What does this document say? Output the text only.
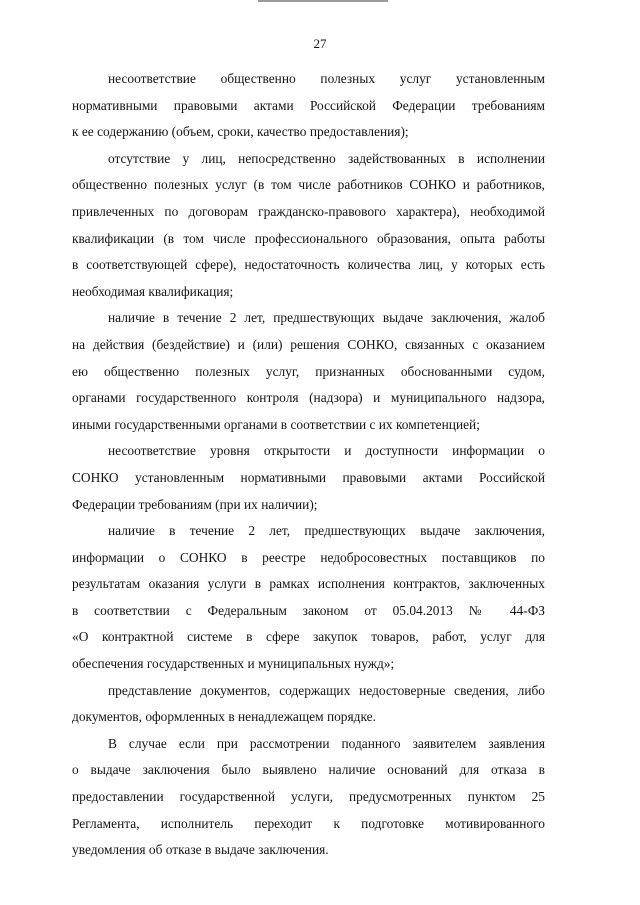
27

несоответствие общественно полезных услуг установленным
нормативными правовыми актами Российской Федерации требованиям
к ее содержанию (объем, сроки, качество предоставления);

отсутствие у лиц, непосредственно задействованных в исполнении
общественно полезных услуг (в том числе работников СОНКО и работников,
привлеченных по договорам гражданско-правового характера), необходимой
квалификации (в том числе профессионального образования, опыта работы
в соответствующей сфере), недостаточность количества лиц, у которых есть
необходимая квалификация;

наличие в течение 2 лет, предшествующих выдаче заключения, жалоб
на действия (бездействие) и (или) решения СОНКО, связанных с оказанием
ею общественно полезных услуг, признанных обоснованными судом,
органами государственного контроля (надзора) и муниципального надзора,
иными государственными органами в соответствии с их компетенцией;

несоответствие уровня открытости и доступности информации о
СОНКО установленным нормативными правовыми актами Российской
Федерации требованиям (при их наличии);

наличие в течение 2 лет, предшествующих выдаче заключения,
информации о СОНКО в реестре недобросовестных поставщиков по
результатам оказания услуги в рамках исполнения контрактов, заключенных
в соответствии с Федеральным законом от 05.04.2013 № 44-ФЗ
«О контрактной системе в сфере закупок товаров, работ, услуг для
обеспечения государственных и муниципальных нужд»;

представление документов, содержащих недостоверные сведения, либо
документов, оформленных в ненадлежащем порядке.

В случае если при рассмотрении поданного заявителем заявления
о выдаче заключения было выявлено наличие оснований для отказа в
предоставлении государственной услуги, предусмотренных пунктом 25
Регламента, исполнитель переходит к подготовке мотивированного
уведомления об отказе в выдаче заключения.
